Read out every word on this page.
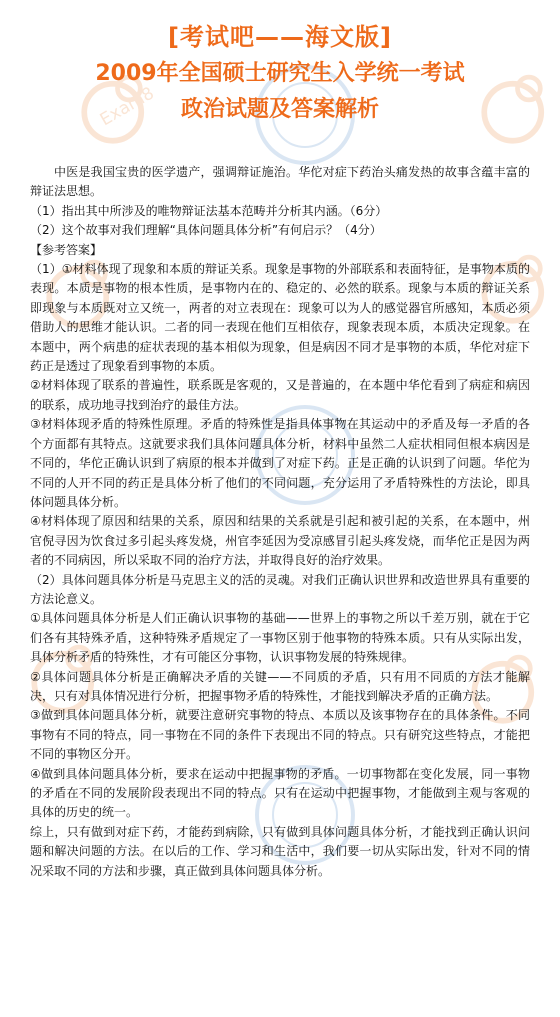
Exam8

[考试吧——海文版]

2009年全国硕士研究生入学统一考试

政治试题及答案解析

中医是我国宝贵的医学遗产，强调辩证施治。华佗对症下药治头痛发热的故事含蕴丰富的辩证法思想。

（1）指出其中所涉及的唯物辩证法基本范畴并分析其内涵。（6分）

（2）这个故事对我们理解“具体问题具体分析”有何启示？（4分）

【参考答案】

（1）①材料体现了现象和本质的辩证关系。现象是事物的外部联系和表面特征，是事物本质的表现。本质是事物的根本性质，是事物内在的、稳定的、必然的联系。现象与本质的辩证关系即现象与本质既对立又统一，两者的对立表现在：现象可以为人的感觉器官所感知，本质必须借助人的思维才能认识。二者的同一表现在他们互相依存，现象表现本质，本质决定现象。在本题中，两个病患的症状表现的基本相似为现象，但是病因不同才是事物的本质，华佗对症下药正是透过了现象看到事物的本质。

②材料体现了联系的普遍性，联系既是客观的，又是普遍的，在本题中华佗看到了病症和病因的联系，成功地寻找到治疗的最佳方法。

③材料体现矛盾的特殊性原理。矛盾的特殊性是指具体事物在其运动中的矛盾及每一矛盾的各个方面都有其特点。这就要求我们具体问题具体分析，材料中虽然二人症状相同但根本病因是不同的，华佗正确认识到了病原的根本并做到了对症下药。正是正确的认识到了问题。华佗为不同的人开不同的药正是具体分析了他们的不同问题，充分运用了矛盾特殊性的方法论，即具体问题具体分析。

④材料体现了原因和结果的关系，原因和结果的关系就是引起和被引起的关系，在本题中，州官倪寻因为饮食过多引起头疼发烧，州官李延因为受凉感冒引起头疼发烧，而华佗正是因为两者的不同病因，所以采取不同的治疗方法，并取得良好的治疗效果。

（2）具体问题具体分析是马克思主义的活的灵魂。对我们正确认识世界和改造世界具有重要的方法论意义。

①具体问题具体分析是人们正确认识事物的基础——世界上的事物之所以千差万别，就在于它们各有其特殊矛盾，这种特殊矛盾规定了一事物区别于他事物的特殊本质。只有从实际出发，具体分析矛盾的特殊性，才有可能区分事物，认识事物发展的特殊规律。

②具体问题具体分析是正确解决矛盾的关键——不同质的矛盾，只有用不同质的方法才能解决，只有对具体情况进行分析，把握事物矛盾的特殊性，才能找到解决矛盾的正确方法。

③做到具体问题具体分析，就要注意研究事物的特点、本质以及该事物存在的具体条件。不同事物有不同的特点，同一事物在不同的条件下表现出不同的特点。只有研究这些特点，才能把不同的事物区分开。

④做到具体问题具体分析，要求在运动中把握事物的矛盾。一切事物都在变化发展，同一事物的矛盾在不同的发展阶段表现出不同的特点。只有在运动中把握事物，才能做到主观与客观的具体的历史的统一。

综上，只有做到对症下药，才能药到病除，只有做到具体问题具体分析，才能找到正确认识问题和解决问题的方法。在以后的工作、学习和生活中，我们要一切从实际出发，针对不同的情况采取不同的方法和步骤，真正做到具体问题具体分析。
